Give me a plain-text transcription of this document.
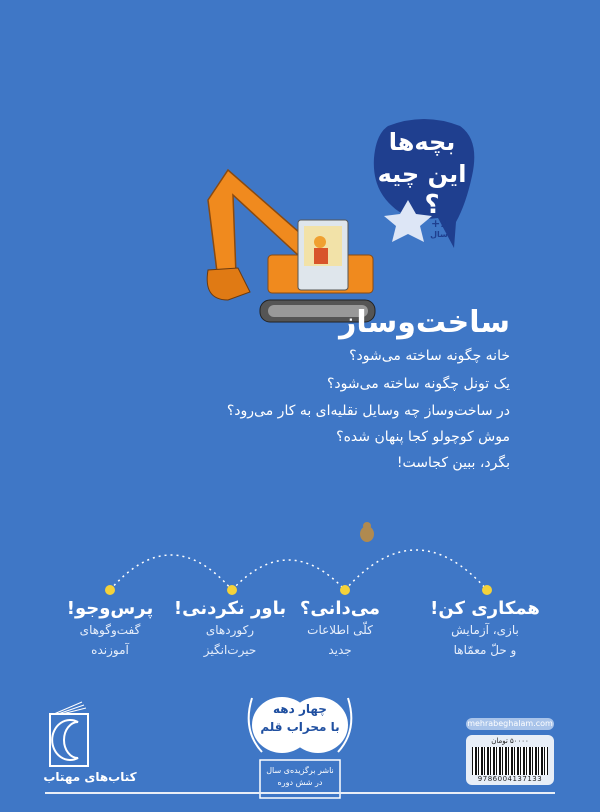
بچه‌ها
این چیه
؟
+۶
سال
ساخت‌وساز
خانه چگونه ساخته می‌شود؟
یک تونل چگونه ساخته می‌شود؟
در ساخت‌وساز چه وسایل نقلیه‌ای به کار می‌رود؟
موش کوچولو کجا پنهان شده؟
بگرد، ببین کجاست!
همکاری کن!
بازی، آزمایش
و حلّ معمّاها
می‌دانی؟
کلّی اطلاعات
جدید
باور نکردنی!
رکوردهای
حیرت‌انگیز
پرس‌وجو!
گفت‌وگوهای
آموزنده
کتاب‌های مهتاب
چهار دهه
با محراب قلم
ناشر برگزیده‌ی سال
در شش دوره
mehrabeghalam.com
۵۰۰۰۰ تومان
9786004137133
